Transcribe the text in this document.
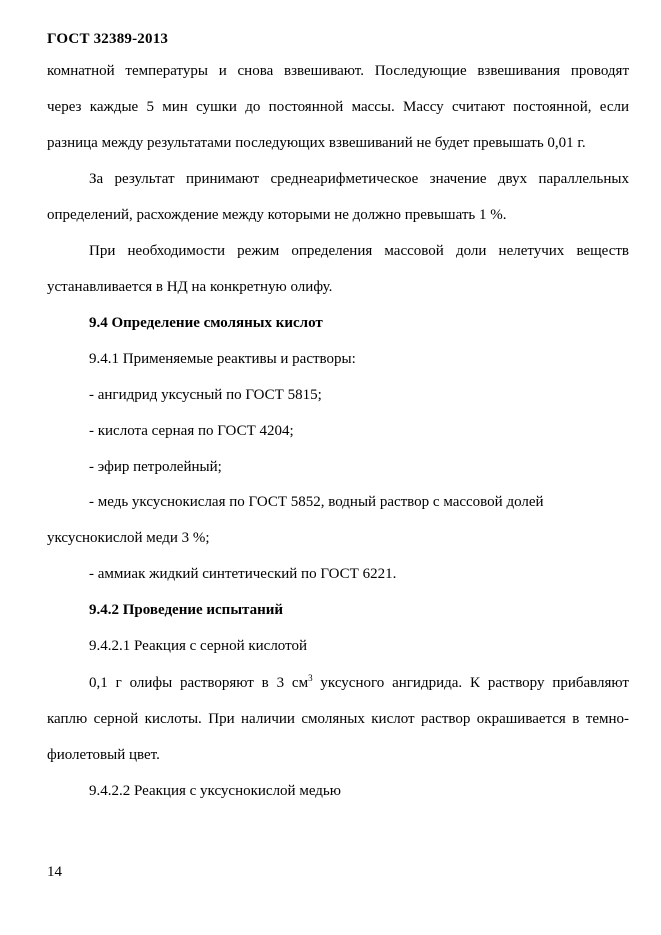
ГОСТ 32389-2013
комнатной температуры и снова взвешивают. Последующие взвешивания проводят
через каждые 5 мин сушки до постоянной массы. Массу считают постоянной, если
разница между результатами последующих взвешиваний не будет превышать 0,01 г.
За результат принимают среднеарифметическое значение двух параллельных
определений, расхождение между которыми не должно превышать 1 %.
При необходимости режим определения массовой доли нелетучих веществ
устанавливается в НД на конкретную олифу.
9.4 Определение смоляных кислот
9.4.1 Применяемые реактивы и растворы:
- ангидрид уксусный по ГОСТ 5815;
- кислота серная по ГОСТ 4204;
- эфир петролейный;
- медь уксуснокислая по ГОСТ 5852, водный раствор с массовой долей
уксуснокислой меди 3 %;
- аммиак жидкий синтетический по ГОСТ 6221.
9.4.2 Проведение испытаний
9.4.2.1 Реакция с серной кислотой
0,1 г олифы растворяют в 3 $см^3$ уксусного ангидрида. К раствору прибавляют
каплю серной кислоты. При наличии смоляных кислот раствор окрашивается в темно-
фиолетовый цвет.
9.4.2.2 Реакция с уксуснокислой медью
14
